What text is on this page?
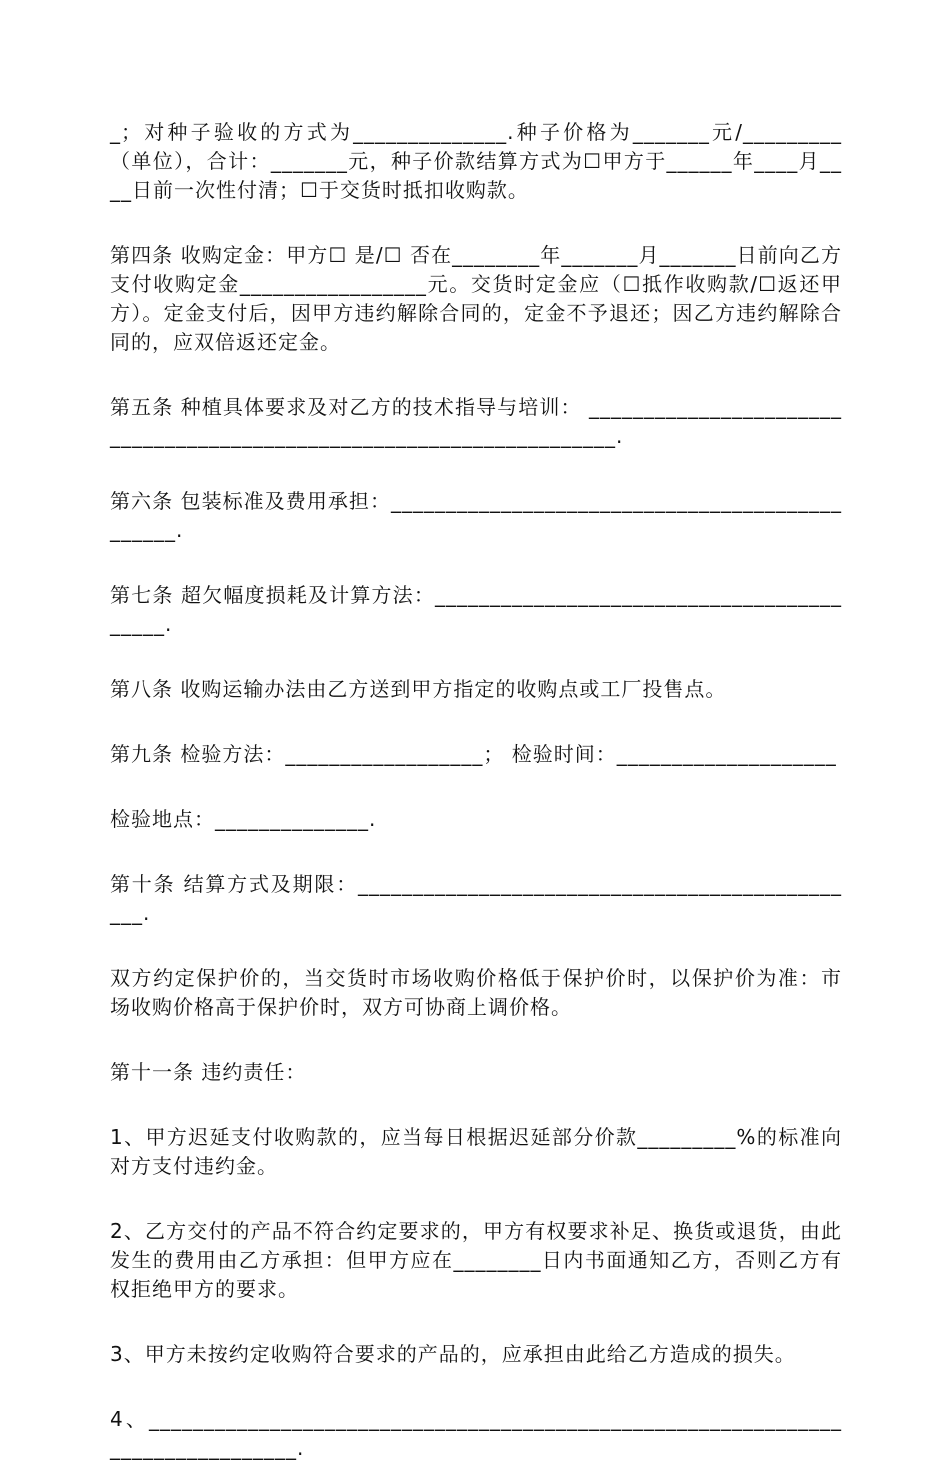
_；对种子验收的方式为______________.种子价格为_______元/_________（单位），合计：_______元，种子价款结算方式为☐甲方于______年____月____日前一次性付清；☐于交货时抵扣收购款。

第四条 收购定金：甲方☐ 是/☐ 否在________年_______月_______日前向乙方支付收购定金_________________元。交货时定金应（☐抵作收购款/☐返还甲方）。定金支付后，因甲方违约解除合同的，定金不予退还；因乙方违约解除合同的，应双倍返还定金。

第五条 种植具体要求及对乙方的技术指导与培训： _____________________________________________________________________.

第六条 包装标准及费用承担：_______________________________________________.

第七条 超欠幅度损耗及计算方法：__________________________________________.

第八条 收购运输办法由乙方送到甲方指定的收购点或工厂投售点。

第九条 检验方法：__________________； 检验时间：____________________

检验地点：______________.

第十条 结算方式及期限：_______________________________________________.

双方约定保护价的，当交货时市场收购价格低于保护价时，以保护价为准：市场收购价格高于保护价时，双方可协商上调价格。

第十一条 违约责任：

1、甲方迟延支付收购款的，应当每日根据迟延部分价款_________%的标准向对方支付违约金。

2、乙方交付的产品不符合约定要求的，甲方有权要求补足、换货或退货，由此发生的费用由乙方承担：但甲方应在________日内书面通知乙方，否则乙方有权拒绝甲方的要求。

3、甲方未按约定收购符合要求的产品的，应承担由此给乙方造成的损失。

4、________________________________________________________________________________.
